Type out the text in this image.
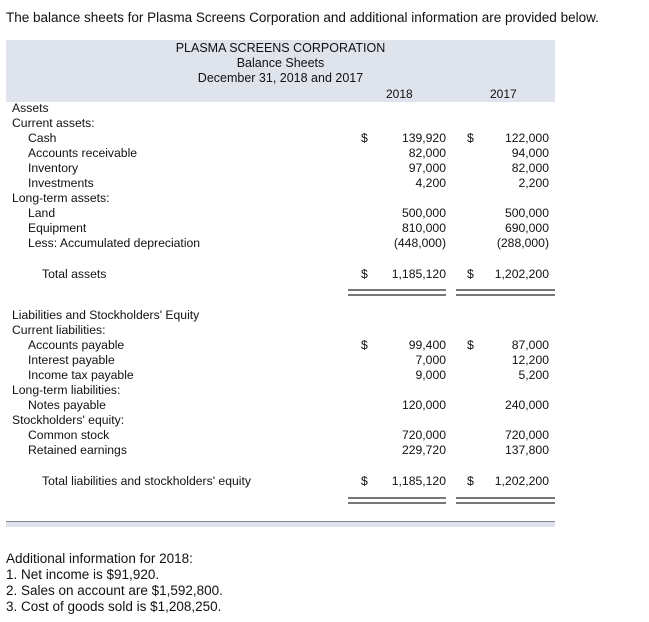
The balance sheets for Plasma Screens Corporation and additional information are provided below.
PLASMA SCREENS CORPORATION
Balance Sheets
December 31, 2018 and 2017
2018	2017
Assets
Current assets:
Cash	$	139,920 $	122,000
Accounts receivable	82,000	94,000
Inventory	97,000	82,000
Investments	4,200	2,200
Long-term assets:
Land	500,000	500,000
Equipment	810,000	690,000
Less: Accumulated depreciation	(448,000)	(288,000)
Total assets	$	1,185,120 $	1,202,200
Liabilities and Stockholders' Equity
Current liabilities:
Accounts payable	$	99,400 $	87,000
Interest payable	7,000	12,200
Income tax payable	9,000	5,200
Long-term liabilities:
Notes payable	120,000	240,000
Stockholders' equity:
Common stock	720,000	720,000
Retained earnings	229,720	137,800
Total liabilities and stockholders' equity	$	1,185,120 $	1,202,200
Additional information for 2018:
1. Net income is $91,920.
2. Sales on account are $1,592,800.
3. Cost of goods sold is $1,208,250.
